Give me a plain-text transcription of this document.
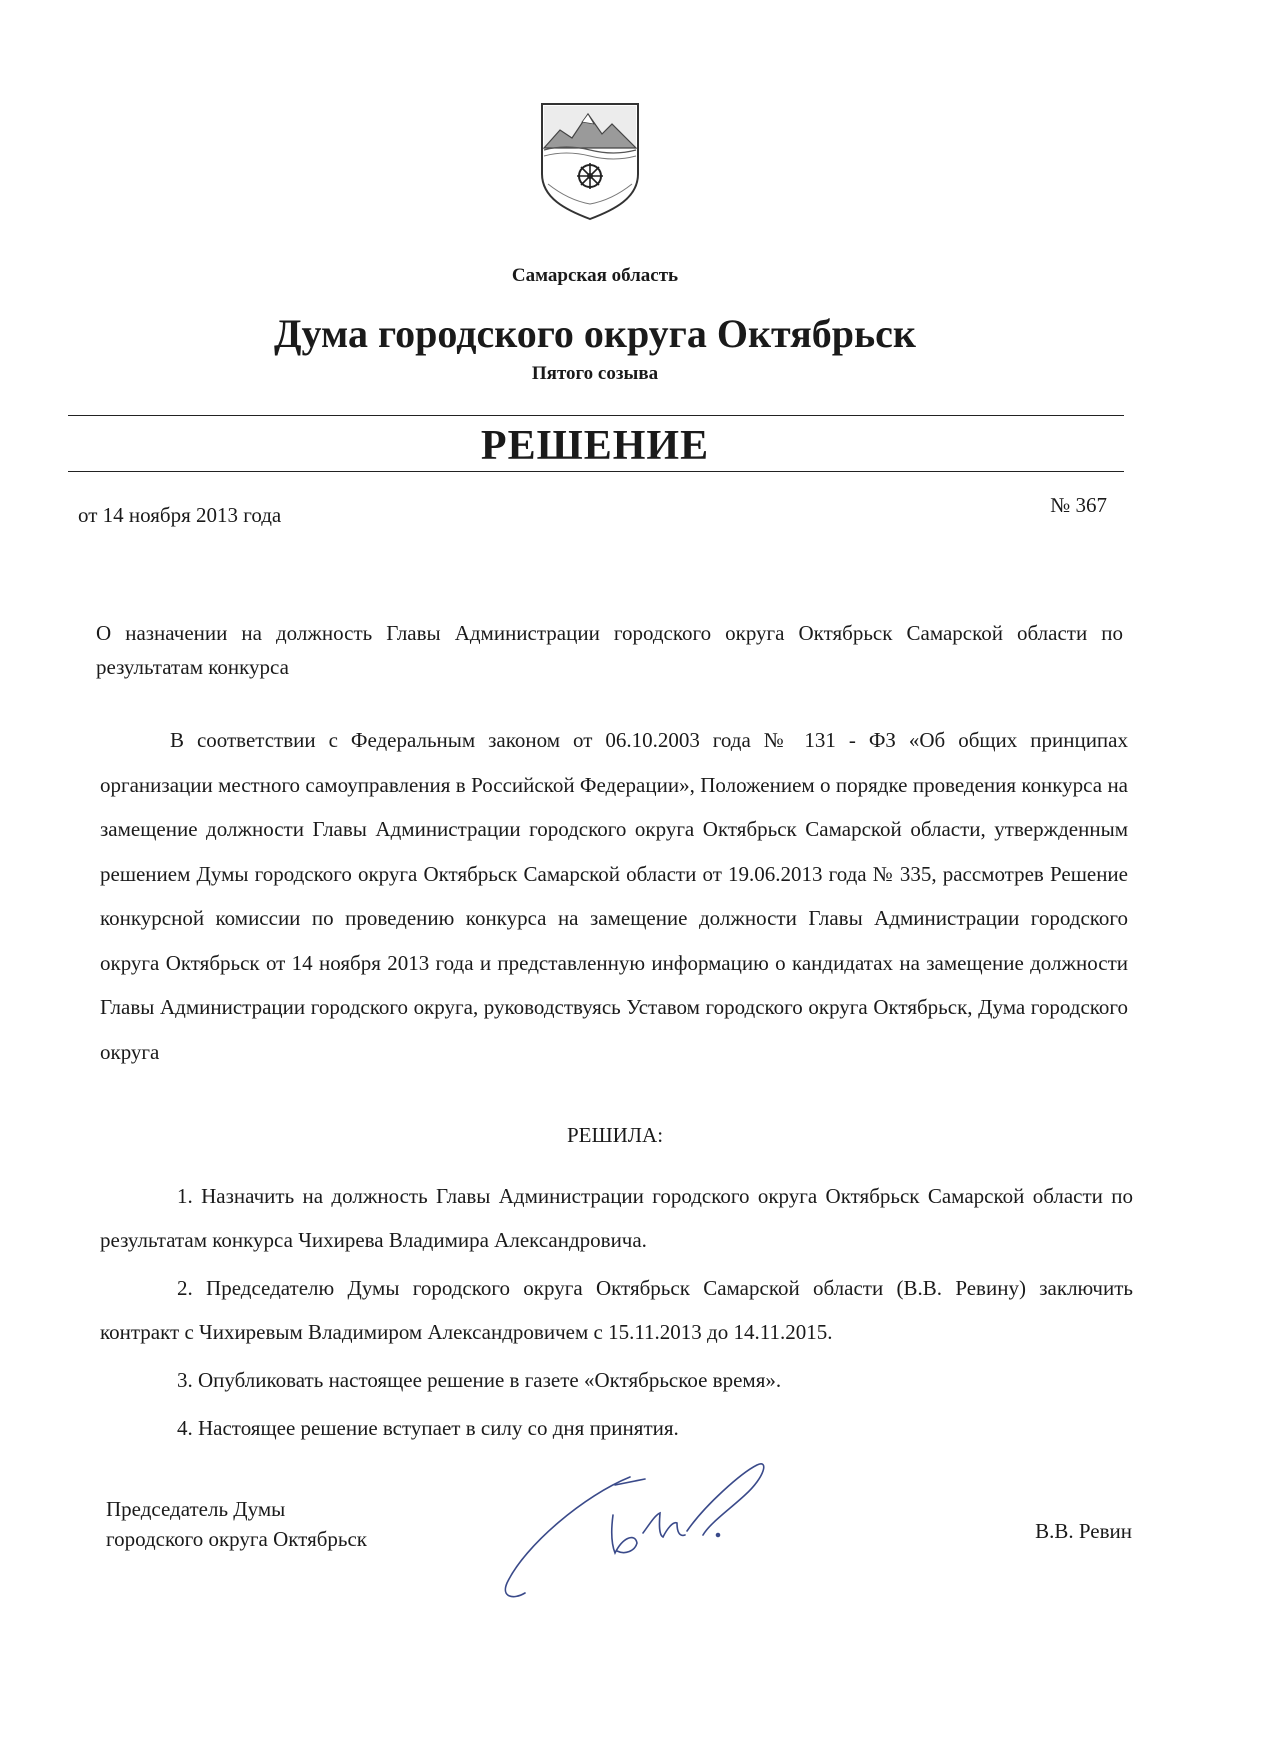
Самарская область
Дума городского округа Октябрьск
Пятого созыва
РЕШЕНИЕ
от 14 ноября 2013 года	№ 367
О назначении на должность Главы Администрации городского округа Октябрьск Самарской области по результатам конкурса
В соответствии с Федеральным законом от 06.10.2003 года № 131 - ФЗ «Об общих принципах организации местного самоуправления в Российской Федерации», Положением о порядке проведения конкурса на замещение должности Главы Администрации городского округа Октябрьск Самарской области, утвержденным решением Думы городского округа Октябрьск Самарской области от 19.06.2013 года № 335, рассмотрев Решение конкурсной комиссии по проведению конкурса на замещение должности Главы Администрации городского округа Октябрьск от 14 ноября 2013 года и представленную информацию о кандидатах на замещение должности Главы Администрации городского округа, руководствуясь Уставом городского округа Октябрьск, Дума городского округа
РЕШИЛА:

1. Назначить на должность Главы Администрации городского округа Октябрьск Самарской области по результатам конкурса Чихирева Владимира Александровича.

2. Председателю Думы городского округа Октябрьск Самарской области (В.В. Ревину) заключить контракт с Чихиревым Владимиром Александровичем с 15.11.2013 до 14.11.2015.

3. Опубликовать настоящее решение в газете «Октябрьское время».

4. Настоящее решение вступает в силу со дня принятия.

Председатель Думы
городского округа Октябрьск	В.В. Ревин
